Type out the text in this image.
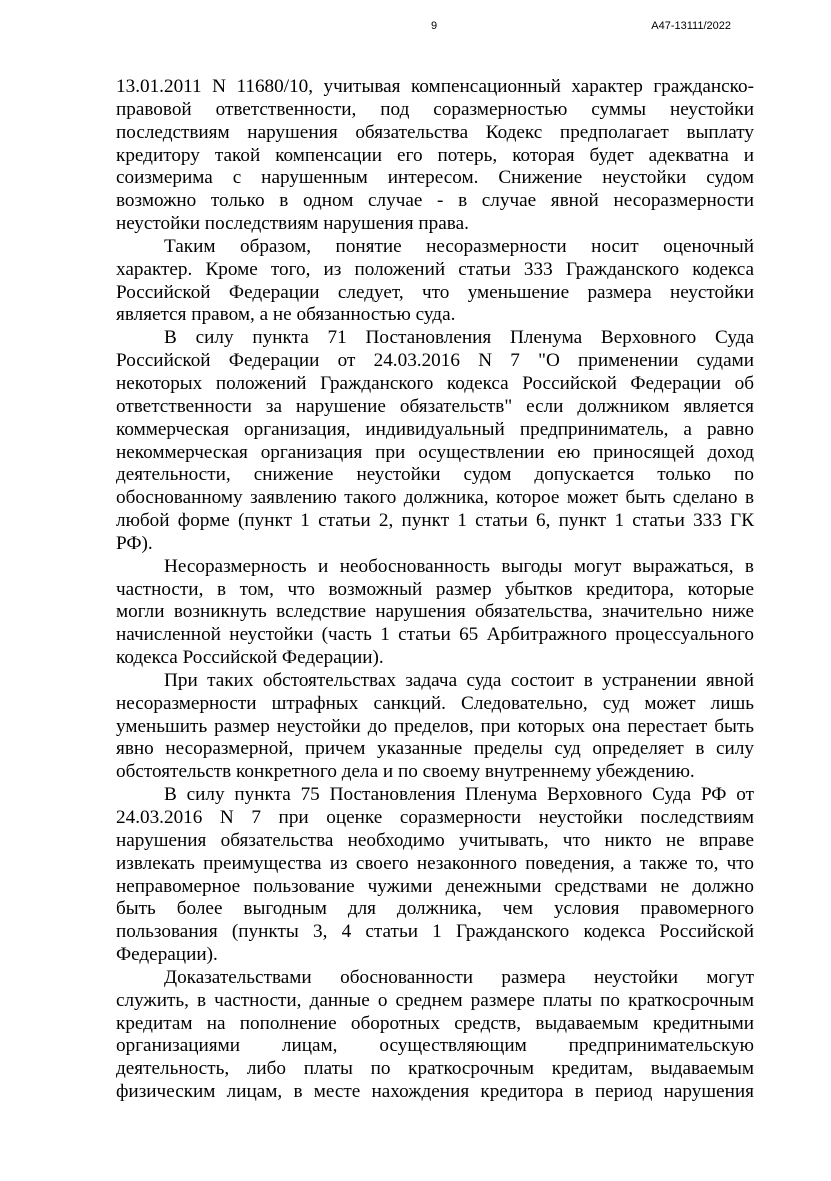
9	А47-13111/2022
13.01.2011 N 11680/10, учитывая компенсационный характер гражданско-
правовой ответственности, под соразмерностью суммы неустойки
последствиям нарушения обязательства Кодекс предполагает выплату
кредитору такой компенсации его потерь, которая будет адекватна и
соизмерима с нарушенным интересом. Снижение неустойки судом
возможно только в одном случае - в случае явной несоразмерности
неустойки последствиям нарушения права.
Таким образом, понятие несоразмерности носит оценочный
характер. Кроме того, из положений статьи 333 Гражданского кодекса
Российской Федерации следует, что уменьшение размера неустойки
является правом, а не обязанностью суда.
В силу пункта 71 Постановления Пленума Верховного Суда
Российской Федерации от 24.03.2016 N 7 "О применении судами
некоторых положений Гражданского кодекса Российской Федерации об
ответственности за нарушение обязательств" если должником является
коммерческая организация, индивидуальный предприниматель, а равно
некоммерческая организация при осуществлении ею приносящей доход
деятельности, снижение неустойки судом допускается только по
обоснованному заявлению такого должника, которое может быть сделано в
любой форме (пункт 1 статьи 2, пункт 1 статьи 6, пункт 1 статьи 333 ГК
РФ).
Несоразмерность и необоснованность выгоды могут выражаться, в
частности, в том, что возможный размер убытков кредитора, которые
могли возникнуть вследствие нарушения обязательства, значительно ниже
начисленной неустойки (часть 1 статьи 65 Арбитражного процессуального
кодекса Российской Федерации).
При таких обстоятельствах задача суда состоит в устранении явной
несоразмерности штрафных санкций. Следовательно, суд может лишь
уменьшить размер неустойки до пределов, при которых она перестает быть
явно несоразмерной, причем указанные пределы суд определяет в силу
обстоятельств конкретного дела и по своему внутреннему убеждению.
В силу пункта 75 Постановления Пленума Верховного Суда РФ от
24.03.2016 N 7 при оценке соразмерности неустойки последствиям
нарушения обязательства необходимо учитывать, что никто не вправе
извлекать преимущества из своего незаконного поведения, а также то, что
неправомерное пользование чужими денежными средствами не должно
быть более выгодным для должника, чем условия правомерного
пользования (пункты 3, 4 статьи 1 Гражданского кодекса Российской
Федерации).
Доказательствами обоснованности размера неустойки могут
служить, в частности, данные о среднем размере платы по краткосрочным
кредитам на пополнение оборотных средств, выдаваемым кредитными
организациями лицам, осуществляющим предпринимательскую
деятельность, либо платы по краткосрочным кредитам, выдаваемым
физическим лицам, в месте нахождения кредитора в период нарушения
